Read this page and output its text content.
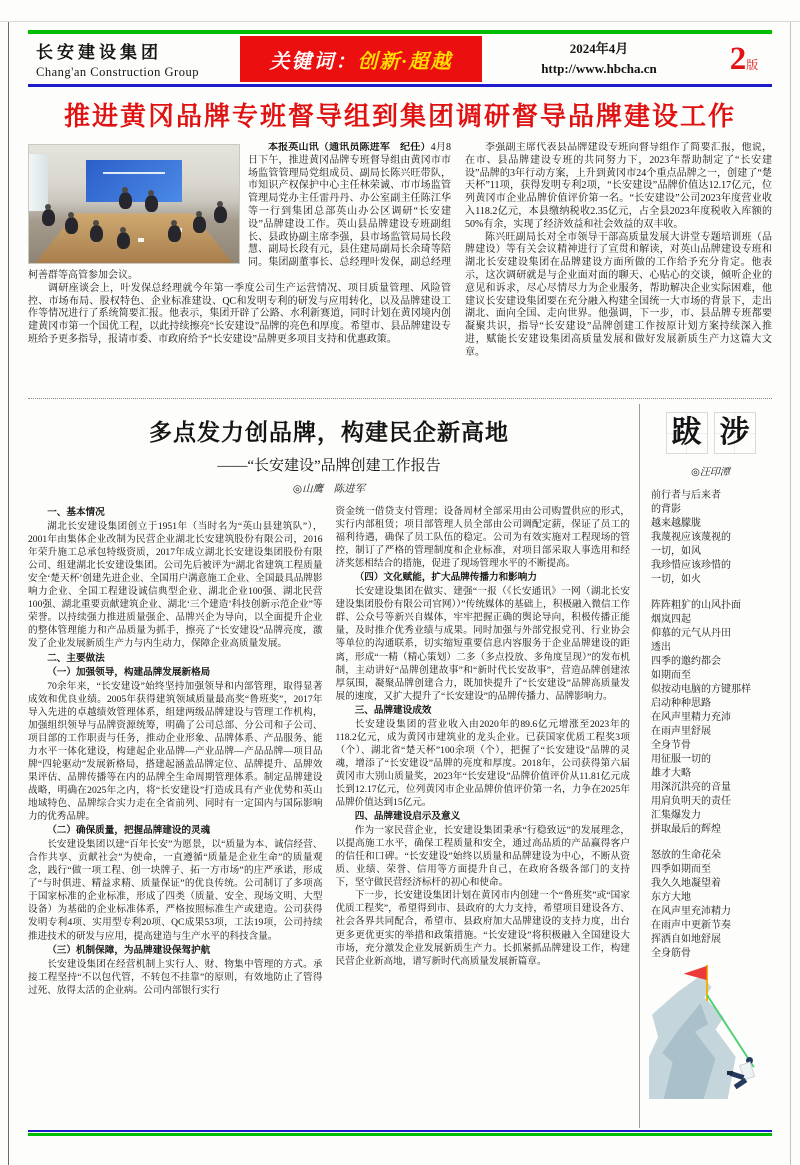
长安建设集团
Chang'an Construction Group	关键词： 创新·超越
2024年4月
http://www.hbcha.cn	2版
推进黄冈品牌专班督导组到集团调研督导品牌建设工作
本报英山讯（通讯员陈进军　纪任）4月8日下午，推进黄冈品牌专班督导组由黄冈市市场监管管理局党组成员、副局长陈兴旺带队，市知识产权保护中心主任林荣诚、市市场监管管理局党办主任雷丹丹、办公室副主任陈江华等一行到集团总部英山办公区调研“长安建设”品牌建设工作。英山县品牌建设专班副组长、县政协副主席李强，县市场监管局局长段慧、副局长段有元，县住建局副局长余琦等陪同。集团副董事长、总经理叶发保，副总经理柯善群等高管参加会议。
调研座谈会上，叶发保总经理就今年第一季度公司生产运营情况、项目质量管理、风险管控、市场布局、股权特色、企业标准建设、QC和发明专利的研发与应用转化，以及品牌建设工作等情况进行了系统简要汇报。他表示，集团开辟了公路、水利新赛道，同时计划在黄冈境内创建黄冈市第一个国优工程，以此持续擦亮“长安建设”品牌的亮色和厚度。希望市、县品牌建设专班给予更多指导，报请市委、市政府给予“长安建设”品牌更多项目支持和优惠政策。
李强副主席代表县品牌建设专班向督导组作了简要汇报，他说，在市、县品牌建设专班的共同努力下，2023年帮助制定了“长安建设”品牌的3年行动方案，上升到黄冈市24个重点品牌之一，创建了“楚天杯”11项，获得发明专利2项，“长安建设”品牌价值达12.17亿元，位列黄冈市企业品牌价值评价第一名。“长安建设”公司2023年度营业收入118.2亿元，本县缴纳税收2.35亿元，占全县2023年度税收入库额的50%有余，实现了经济效益和社会效益的双丰收。
陈兴旺副局长对全市领导干部高质量发展大讲堂专题培训班（品牌建设）等有关会议精神进行了宣贯和解读，对英山品牌建设专班和湖北长安建设集团在品牌建设方面所做的工作给予充分肯定。他表示，这次调研就是与企业面对面的聊天、心贴心的交谈，倾听企业的意见和诉求，尽心尽情尽力为企业服务，帮助解决企业实际困难，他建议长安建设集团要在充分融入构建全国统一大市场的背景下，走出湖北、面向全国、走向世界。他强调，下一步，市、县品牌专班都要凝聚共识，指导“长安建设”品牌创建工作按原计划方案持续深入推进，赋能长安建设集团高质量发展和做好发展新质生产力这篇大文章。
多点发力创品牌，构建民企新高地
——“长安建设”品牌创建工作报告
◎山鹰　陈进军
一、基本情况
湖北长安建设集团创立于1951年（当时名为“英山县建筑队”），2001年由集体企业改制为民营企业湖北长安建筑股份有限公司，2016年荣升施工总承包特级资质，2017年成立湖北长安建设集团股份有限公司、组建湖北长安建设集团。公司先后被评为“湖北省建筑工程质量安全‘楚天杯’创建先进企业、全国用户满意施工企业、全国最具品牌影响力企业、全国工程建设诚信典型企业、湖北企业100强、湖北民营100强、湖北重要贡献建筑企业、湖北‘三个建造’科技创新示范企业”等荣誉。以持续强力推进质量强企、品牌兴企为导向，以全面提升企业的整体管理能力和产品质量为抓手，擦亮了“长安建设”品牌亮度，激发了企业发展新质生产力与内生动力，保障企业高质量发展。
二、主要做法
（一）加强领导，构建品牌发展新格局
70余年来，“长安建设”始终坚持加强领导和内部管理，取得显著成效和优良业绩。2005年获得建筑领域质量最高奖“鲁班奖”，2017年导入先进的卓越绩效管理体系，组建两级品牌建设与管理工作机构，加强组织领导与品牌资源统筹，明确了公司总部、分公司和子公司、项目部的工作职责与任务，推动企业形象、品牌体系、产品服务、能力水平一体化建设，构建起企业品牌—产业品牌—产品品牌—项目品牌“四轮驱动”发展新格局，搭建起涵盖品牌定位、品牌提升、品牌效果评估、品牌传播等在内的品牌全生命周期管理体系。制定品牌建设战略，明确在2025年之内，将“长安建设”打造成具有产业优势和英山地域特色、品牌综合实力走在全省前列、同时有一定国内与国际影响力的优秀品牌。
（二）确保质量，把握品牌建设的灵魂
长安建设集团以建“百年长安”为愿景，以“质量为本、诚信经营、合作共享、贡献社会”为使命，一直遵循“质量是企业生命”的质量观念，践行“做一项工程、创一块牌子、拓一方市场”的庄严承诺，形成了“与时俱进、精益求精、质量保证”的优良传统。公司制订了多项高于国家标准的企业标准，形成了四类（质量、安全、现场文明、大型设备）为基础的企业标准体系，严格按照标准生产或建造。公司获得发明专利4项、实用型专利20项、QC成果53项，工法19项，公司持续推进技术的研发与应用，提高建造与生产水平的科技含量。
（三）机制保障，为品牌建设保驾护航
长安建设集团在经营机制上实行人、财、物集中管理的方式。承接工程坚持“不以包代管，不转包不挂靠”的原则，有效地防止了管得过死、放得太活的企业病。公司内部银行实行
资金统一借贷支付管理；设备周材全部采用由公司购置供应的形式，实行内部租赁；项目部管理人员全部由公司调配定薪，保证了员工的福利待遇，确保了员工队伍的稳定。公司为有效实施对工程现场的管控，制订了严格的管理制度和企业标准，对项目部采取人事选用和经济奖惩相结合的措施，促进了现场管理水平的不断提高。
（四）文化赋能，扩大品牌传播力和影响力
长安建设集团在做实、建强“一报（《长安通讯》一网（湖北长安建设集团股份有限公司官网））”传统媒体的基础上，积极融入微信工作群、公众号等新兴自媒体，牢牢把握正确的舆论导向，积极传播正能量，及时推介优秀业绩与成果。同时加强与外部党报党刊、行业协会等单位的沟通联系，切实缩短重要信息内容服务于企业品牌建设的距离，形成“一精（精心策划）二多（多点投放、多角度呈现）”的发布机制，主动讲好“品牌创建故事”和“新时代长安故事”，营造品牌创建浓厚氛围，凝聚品牌创建合力，既加快提升了“长安建设”品牌高质量发展的速度，又扩大提升了“长安建设”的品牌传播力、品牌影响力。
三、品牌建设成效
长安建设集团的营业收入由2020年的89.6亿元增涨至2023年的118.2亿元，成为黄冈市建筑业的龙头企业。已获国家优质工程奖3项（个）、湖北省“楚天杯”100余项（个），把握了“长安建设”品牌的灵魂，增添了“长安建设”品牌的亮度和厚度。2018年，公司获得第六届黄冈市大别山质量奖，2023年“长安建设”品牌价值评价从11.81亿元成长到12.17亿元，位列黄冈市企业品牌价值评价第一名，力争在2025年品牌价值达到15亿元。
四、品牌建设启示及意义
作为一家民营企业，长安建设集团秉承“行稳致远”的发展理念，以提高施工水平，确保工程质量和安全，通过高品质的产品赢得客户的信任和口碑。“长安建设”始终以质量和品牌建设为中心，不断从资质、业绩、荣誉、信用等方面提升自己，在政府各级各部门的支持下，坚守做民营经济标杆的初心和使命。
下一步，长安建设集团计划在黄冈市内创建一个“鲁班奖”或“国家优质工程奖”，希望得到市、县政府的大力支持，希望项目建设各方、社会各界共同配合，希望市、县政府加大品牌建设的支持力度，出台更多更优更实的举措和政策措施。“长安建设”将积极融入全国建设大市场，充分激发企业发展新质生产力。长抓紧抓品牌建设工作，构建民营企业新高地，谱写新时代高质量发展新篇章。
跋 涉
◎汪印潭
前行者与后来者
的背影
越来越朦胧
我蔑视应该蔑视的
一切，如风
我珍惜应该珍惜的
一切，如火
阵阵粗犷的山风扑面
烟岚四起
仰慕的元气从丹田
透出
四季的邀约都会
如期而至
似按动电脑的方键那样
启动种种思路
在风声里精力充沛
在雨声里舒展
全身节骨
用征服一切的
雄才大略
用深沉洪亮的音量
用肩负明天的责任
汇集爆发力
拼取最后的辉煌
怒放的生命花朵
四季如期而至
我久久地凝望着
东方大地
在风声里充沛精力
在雨声中更新节奏
挥洒自如地舒展
全身筋骨
